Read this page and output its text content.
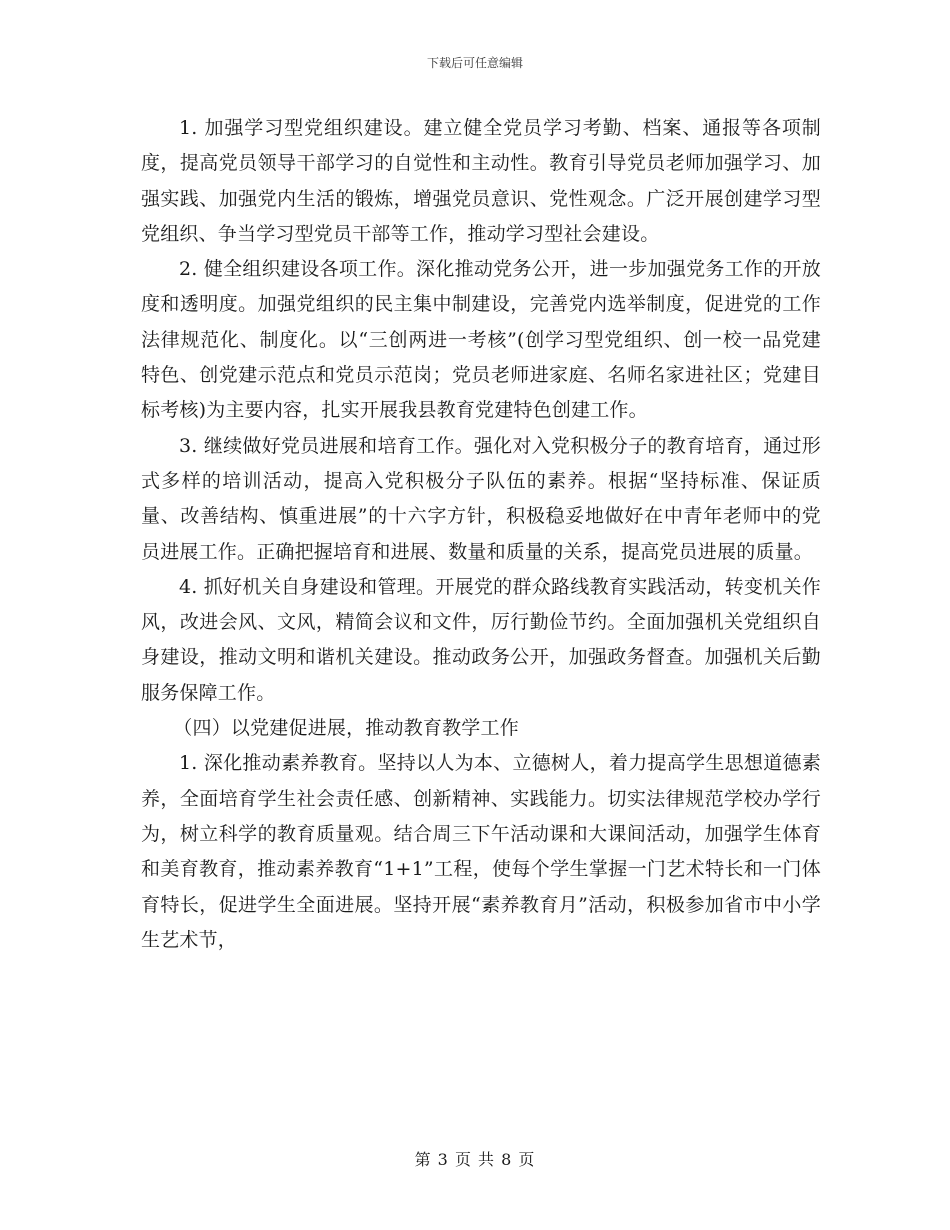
下载后可任意编辑

1. 加强学习型党组织建设。建立健全党员学习考勤、档案、通报等各项制度，提高党员领导干部学习的自觉性和主动性。教育引导党员老师加强学习、加强实践、加强党内生活的锻炼，增强党员意识、党性观念。广泛开展创建学习型党组织、争当学习型党员干部等工作，推动学习型社会建设。

2. 健全组织建设各项工作。深化推动党务公开，进一步加强党务工作的开放度和透明度。加强党组织的民主集中制建设，完善党内选举制度，促进党的工作法律规范化、制度化。以“三创两进一考核”(创学习型党组织、创一校一品党建特色、创党建示范点和党员示范岗；党员老师进家庭、名师名家进社区；党建目标考核)为主要内容，扎实开展我县教育党建特色创建工作。

3. 继续做好党员进展和培育工作。强化对入党积极分子的教育培育，通过形式多样的培训活动，提高入党积极分子队伍的素养。根据“坚持标准、保证质量、改善结构、慎重进展”的十六字方针，积极稳妥地做好在中青年老师中的党员进展工作。正确把握培育和进展、数量和质量的关系，提高党员进展的质量。

4. 抓好机关自身建设和管理。开展党的群众路线教育实践活动，转变机关作风，改进会风、文风，精简会议和文件，厉行勤俭节约。全面加强机关党组织自身建设，推动文明和谐机关建设。推动政务公开，加强政务督查。加强机关后勤服务保障工作。

（四）以党建促进展，推动教育教学工作

1. 深化推动素养教育。坚持以人为本、立德树人，着力提高学生思想道德素养，全面培育学生社会责任感、创新精神、实践能力。切实法律规范学校办学行为，树立科学的教育质量观。结合周三下午活动课和大课间活动，加强学生体育和美育教育，推动素养教育“1+1”工程，使每个学生掌握一门艺术特长和一门体育特长，促进学生全面进展。坚持开展“素养教育月”活动，积极参加省市中小学生艺术节，

第 3 页 共 8 页
